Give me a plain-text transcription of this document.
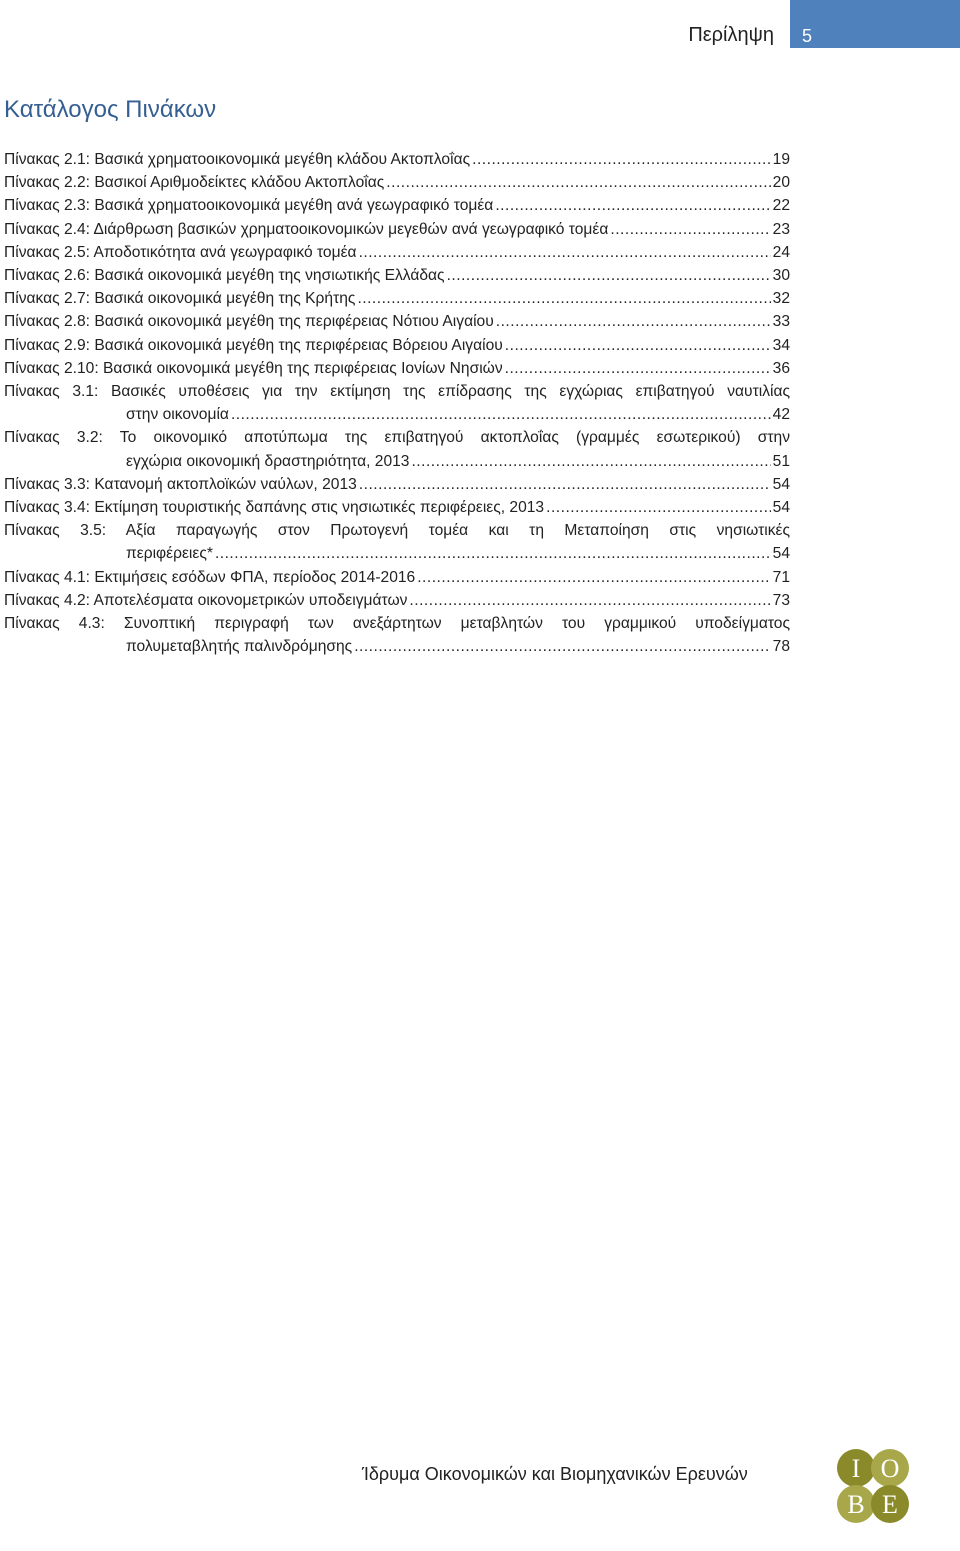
Περίληψη 5
Κατάλογος Πινάκων
Πίνακας 2.1: Βασικά χρηματοοικονομικά μεγέθη κλάδου Ακτοπλοΐας .....	19
Πίνακας 2.2: Βασικοί Αριθμοδείκτες κλάδου Ακτοπλοΐας .....	20
Πίνακας 2.3: Βασικά χρηματοοικονομικά μεγέθη ανά γεωγραφικό τομέα .....	22
Πίνακας 2.4: Διάρθρωση βασικών χρηματοοικονομικών μεγεθών ανά γεωγραφικό τομέα .....	23
Πίνακας 2.5: Αποδοτικότητα ανά γεωγραφικό τομέα .....	24
Πίνακας 2.6: Βασικά οικονομικά μεγέθη της νησιωτικής Ελλάδας .....	30
Πίνακας 2.7: Βασικά οικονομικά μεγέθη της Κρήτης .....	32
Πίνακας 2.8: Βασικά οικονομικά μεγέθη της περιφέρειας Νότιου Αιγαίου .....	33
Πίνακας 2.9: Βασικά οικονομικά μεγέθη της περιφέρειας Βόρειου Αιγαίου .....	34
Πίνακας 2.10: Βασικά οικονομικά μεγέθη της περιφέρειας Ιονίων Νησιών .....	36
Πίνακας 3.1: Βασικές υποθέσεις για την εκτίμηση της επίδρασης της εγχώριας επιβατηγού ναυτιλίας
στην οικονομία .....	42
Πίνακας 3.2: Το οικονομικό αποτύπωμα της επιβατηγού ακτοπλοΐας (γραμμές εσωτερικού) στην
εγχώρια οικονομική δραστηριότητα, 2013 .....	51
Πίνακας 3.3: Κατανομή ακτοπλοϊκών ναύλων, 2013 .....	54
Πίνακας 3.4: Εκτίμηση τουριστικής δαπάνης στις νησιωτικές περιφέρειες, 2013 .....	54
Πίνακας 3.5: Αξία παραγωγής στον Πρωτογενή τομέα και τη Μεταποίηση στις νησιωτικές
περιφέρειες* .....	54
Πίνακας 4.1: Εκτιμήσεις εσόδων ΦΠΑ, περίοδος 2014-2016 .....	71
Πίνακας 4.2: Αποτελέσματα οικονομετρικών υποδειγμάτων .....	73
Πίνακας 4.3: Συνοπτική περιγραφή των ανεξάρτητων μεταβλητών του γραμμικού υποδείγματος
πολυμεταβλητής παλινδρόμησης .....	78
Ίδρυμα Οικονομικών και Βιομηχανικών Ερευνών	I O
B E
